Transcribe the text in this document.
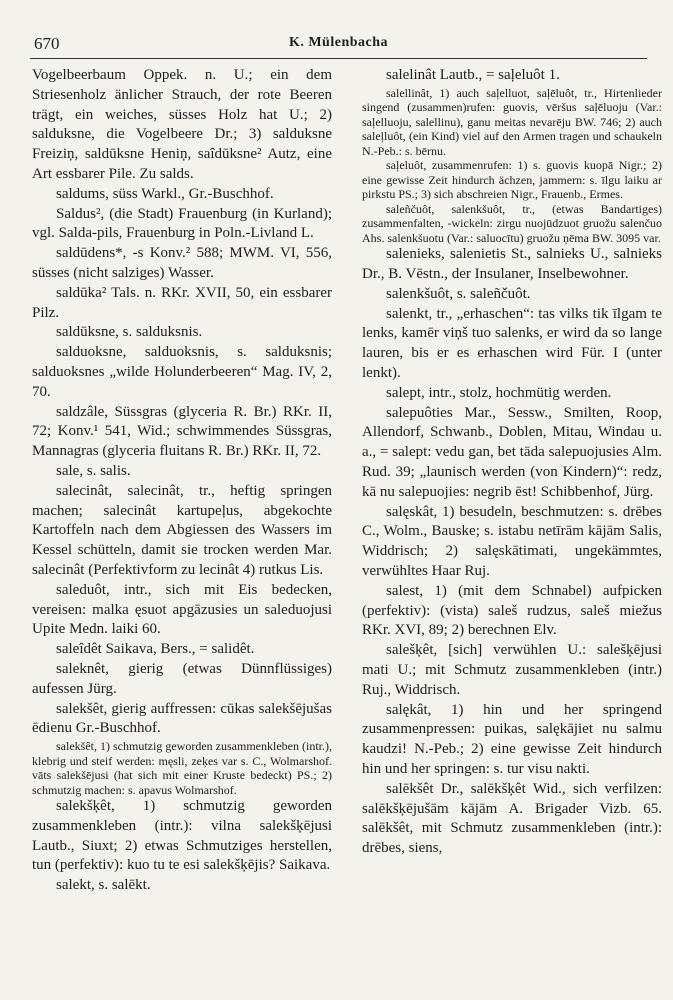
670	K. Mülenbacha

Vogelbeerbaum Oppek. n. U.; ein dem Striesenholz änlicher Strauch, der rote Beeren trägt, ein weiches, süsses Holz hat U.; 2) salduksne, die Vogelbeere Dr.; 3) salduksne Freiziņ, saldūksne Heniņ, saîdūksne² Autz, eine Art essbarer Pile. Zu salds.

saldums, süss Warkl., Gr.-Buschhof.

Saldus², (die Stadt) Frauenburg (in Kurland); vgl. Salda-pils, Frauenburg in Poln.-Livland L.

saldūdens*, -s Konv.² 588; MWM. VI, 556, süsses (nicht salziges) Wasser.

saldūka² Tals. n. RKr. XVII, 50, ein essbarer Pilz.

saldūksne, s. salduksnis.

salduoksne, salduoksnis, s. salduksnis; salduoksnes „wilde Holunderbeeren“ Mag. IV, 2, 70.

saldzâle, Süssgras (glyceria R. Br.) RKr. II, 72; Konv.¹ 541, Wid.; schwimmendes Süssgras, Mannagras (glyceria fluitans R. Br.) RKr. II, 72.

sale, s. salis.

salecinât, salecinât, tr., heftig springen machen; salecinât kartupeļus, abgekochte Kartoffeln nach dem Abgiessen des Wassers im Kessel schütteln, damit sie trocken werden Mar. salecinât (Perfektivform zu lecinât 4) rutkus Lis.

saleduôt, intr., sich mit Eis bedecken, vereisen: malka ęsuot apgāzusies un saleduojusi Upite Medn. laiki 60.

saleîdêt Saikava, Bers., = salidêt.

saleknêt, gierig (etwas Dünnflüssiges) aufessen Jürg.

salekšêt, gierig auffressen: cūkas salekšējušas ēdienu Gr.-Buschhof.

salekšêt, 1) schmutzig geworden zusammenkleben (intr.), klebrig und steif werden: męsli, zeķes var s. C., Wolmarshof. vāts salekšējusi (hat sich mit einer Kruste bedeckt) PS.; 2) schmutzig machen: s. apavus Wolmarshof.

salekšķêt, 1) schmutzig geworden zusammenkleben (intr.): vilna salekšķējusi Lautb., Siuxt; 2) etwas Schmutziges herstellen, tun (perfektiv): kuo tu te esi salekšķējis? Saikava.

salekt, s. salēkt.

salelinât Lautb., = saļeluôt 1.

salellinât, 1) auch saļelluot, saļēluôt, tr., Hirtenlieder singend (zusammen)rufen: guovis, vēršus saļēluoju (Var.: saļelluoju, salellinu), ganu meitas nevarēju BW. 746; 2) auch saleļluôt, (ein Kind) viel auf den Armen tragen und schaukeln N.-Peb.: s. bērnu.

saļeluôt, zusammenrufen: 1) s. guovis kuopā Nigr.; 2) eine gewisse Zeit hindurch ächzen, jammern: s. īlgu laiku ar pirkstu PS.; 3) sich abschreien Nigr., Frauenb., Ermes.

saleñčuôt, salenkšuôt, tr., (etwas Bandartiges) zusammenfalten, -wickeln: zirgu nuojūdzuot gruožu salenčuo Ahs. salenkšuotu (Var.: saluocītu) gruožu ņēma BW. 3095 var.

salenieks, salenietis St., salnieks U., salnieks Dr., B. Vēstn., der Insulaner, Inselbewohner.

salenkšuôt, s. saleñčuôt.

salenkt, tr., „erhaschen“: tas vilks tik īlgam te lenks, kamēr viņš tuo salenks, er wird da so lange lauren, bis er es erhaschen wird Für. I (unter lenkt).

salept, intr., stolz, hochmütig werden.

salepuôties Mar., Sessw., Smilten, Roop, Allendorf, Schwanb., Doblen, Mitau, Windau u. a., = salept: vedu gan, bet tāda salepuojusies Alm. Rud. 39; „launisch werden (von Kindern)“: redz, kā nu salepuojies: negrib ēst! Schibbenhof, Jürg.

salęskât, 1) besudeln, beschmutzen: s. drēbes C., Wolm., Bauske; s. istabu netīrām kājām Salis, Widdrisch; 2) salęskātimati, ungekämmtes, verwühltes Haar Ruj.

salest, 1) (mit dem Schnabel) aufpicken (perfektiv): (vista) saleš rudzus, saleš miežus RKr. XVI, 89; 2) berechnen Elv.

salešķêt, [sich] verwühlen U.: salešķējusi mati U.; mit Schmutz zusammenkleben (intr.) Ruj., Widdrisch.

salękât, 1) hin und her springend zusammenpressen: puikas, salękājiet nu salmu kaudzi! N.-Peb.; 2) eine gewisse Zeit hindurch hin und her springen: s. tur visu nakti.

salēkšêt Dr., salēkšķêt Wid., sich verfilzen: salēkšķējušām kājām A. Brigader Vizb. 65. salēkšêt, mit Schmutz zusammenkleben (intr.): drēbes, siens,
